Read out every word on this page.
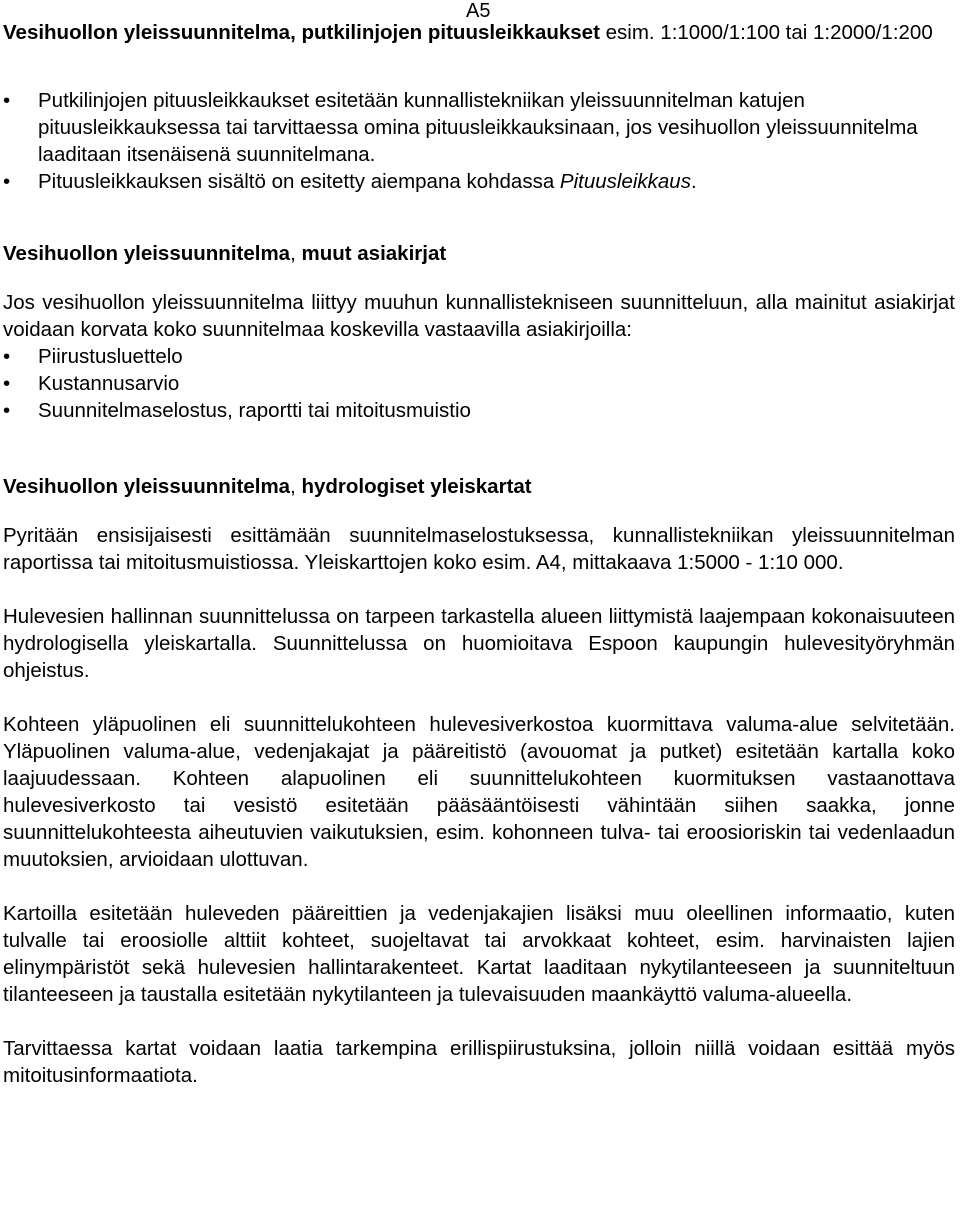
A5
Vesihuollon yleissuunnitelma, putkilinjojen pituusleikkaukset esim. 1:1000/1:100 tai 1:2000/1:200
•	Putkilinjojen pituusleikkaukset esitetään kunnallistekniikan yleissuunnitelman katujen pituusleikkauksessa tai tarvittaessa omina pituusleikkauksinaan, jos vesihuollon yleissuunnitelma laaditaan itsenäisenä suunnitelmana.
•	Pituusleikkauksen sisältö on esitetty aiempana kohdassa Pituusleikkaus.
Vesihuollon yleissuunnitelma, muut asiakirjat

Jos vesihuollon yleissuunnitelma liittyy muuhun kunnallistekniseen suunnitteluun, alla mainitut asiakirjat voidaan korvata koko suunnitelmaa koskevilla vastaavilla asiakirjoilla:

•	Piirustusluettelo
•	Kustannusarvio
•	Suunnitelmaselostus, raportti tai mitoitusmuistio
Vesihuollon yleissuunnitelma, hydrologiset yleiskartat

Pyritään ensisijaisesti esittämään suunnitelmaselostuksessa, kunnallistekniikan yleissuunnitelman raportissa tai mitoitusmuistiossa. Yleiskarttojen koko esim. A4, mittakaava 1:5000 - 1:10 000.

Hulevesien hallinnan suunnittelussa on tarpeen tarkastella alueen liittymistä laajempaan kokonaisuuteen hydrologisella yleiskartalla. Suunnittelussa on huomioitava Espoon kaupungin hulevesityöryhmän ohjeistus.

Kohteen yläpuolinen eli suunnittelukohteen hulevesiverkostoa kuormittava valuma-alue selvitetään. Yläpuolinen valuma-alue, vedenjakajat ja pääreitistö (avouomat ja putket) esitetään kartalla koko laajuudessaan. Kohteen alapuolinen eli suunnittelukohteen kuormituksen vastaanottava hulevesiverkosto tai vesistö esitetään pääsääntöisesti vähintään siihen saakka, jonne suunnittelukohteesta aiheutuvien vaikutuksien, esim. kohonneen tulva- tai eroosioriskin tai vedenlaadun muutoksien, arvioidaan ulottuvan.

Kartoilla esitetään huleveden pääreittien ja vedenjakajien lisäksi muu oleellinen informaatio, kuten tulvalle tai eroosiolle alttiit kohteet, suojeltavat tai arvokkaat kohteet, esim. harvinaisten lajien elinympäristöt sekä hulevesien hallintarakenteet. Kartat laaditaan nykytilanteeseen ja suunniteltuun tilanteeseen ja taustalla esitetään nykytilanteen ja tulevaisuuden maankäyttö valuma-alueella.

Tarvittaessa kartat voidaan laatia tarkempina erillispiirustuksina, jolloin niillä voidaan esittää myös mitoitusinformaatiota.
